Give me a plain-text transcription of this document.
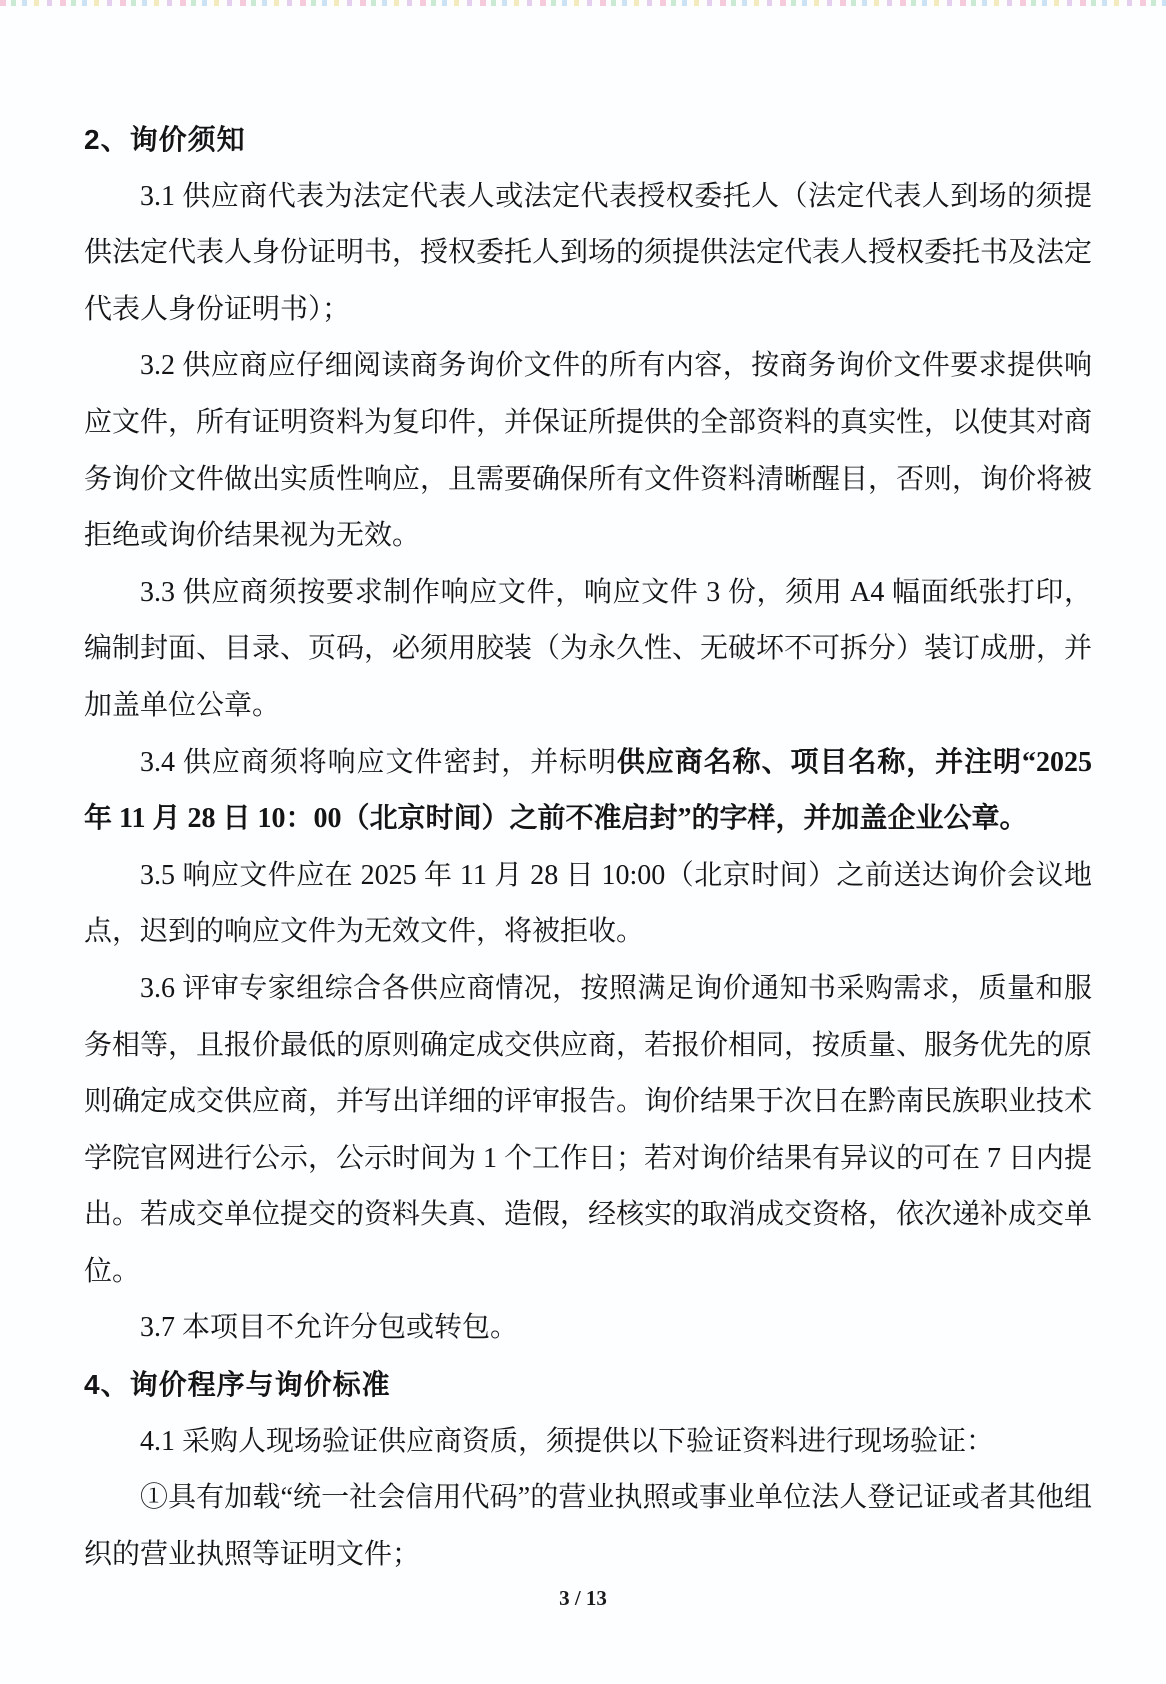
2、询价须知

3.1 供应商代表为法定代表人或法定代表授权委托人（法定代表人到场的须提供法定代表人身份证明书，授权委托人到场的须提供法定代表人授权委托书及法定代表人身份证明书）；

3.2 供应商应仔细阅读商务询价文件的所有内容，按商务询价文件要求提供响应文件，所有证明资料为复印件，并保证所提供的全部资料的真实性，以使其对商务询价文件做出实质性响应，且需要确保所有文件资料清晰醒目，否则，询价将被拒绝或询价结果视为无效。

3.3 供应商须按要求制作响应文件，响应文件 3 份，须用 A4 幅面纸张打印，编制封面、目录、页码，必须用胶装（为永久性、无破坏不可拆分）装订成册，并加盖单位公章。

3.4 供应商须将响应文件密封，并标明供应商名称、项目名称，并注明“2025 年 11 月 28 日 10：00（北京时间）之前不准启封”的字样，并加盖企业公章。

3.5 响应文件应在 2025 年 11 月 28 日 10:00（北京时间）之前送达询价会议地点，迟到的响应文件为无效文件，将被拒收。

3.6 评审专家组综合各供应商情况，按照满足询价通知书采购需求，质量和服务相等，且报价最低的原则确定成交供应商，若报价相同，按质量、服务优先的原则确定成交供应商，并写出详细的评审报告。询价结果于次日在黔南民族职业技术学院官网进行公示，公示时间为 1 个工作日；若对询价结果有异议的可在 7 日内提出。若成交单位提交的资料失真、造假，经核实的取消成交资格，依次递补成交单位。

3.7 本项目不允许分包或转包。

4、询价程序与询价标准

4.1 采购人现场验证供应商资质，须提供以下验证资料进行现场验证：

①具有加载“统一社会信用代码”的营业执照或事业单位法人登记证或者其他组织的营业执照等证明文件；

3 / 13
